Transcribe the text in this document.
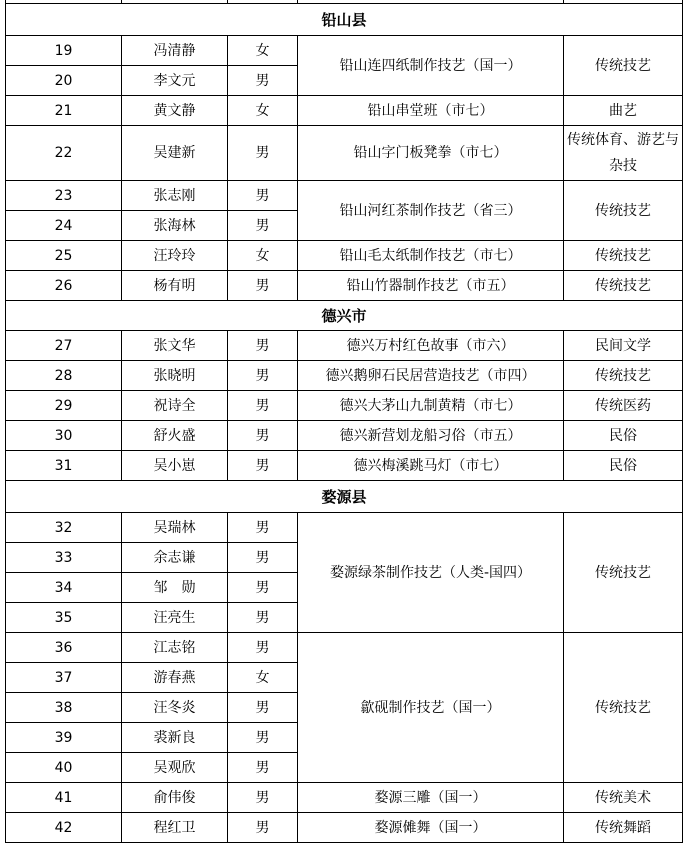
铅山县				
19	冯清静	女	铅山连四纸制作技艺（国一）	传统技艺
20	李文元	男		
21	黄文静	女	铅山串堂班（市七）	曲艺
22	吴建新	男	铅山字门板凳拳（市七）	传统体育、游艺与杂技
23	张志刚	男	铅山河红茶制作技艺（省三）	传统技艺
24	张海林	男		
25	汪玲玲	女	铅山毛太纸制作技艺（市七）	传统技艺
26	杨有明	男	铅山竹器制作技艺（市五）	传统技艺
德兴市				
27	张文华	男	德兴万村红色故事（市六）	民间文学
28	张晓明	男	德兴鹅卵石民居营造技艺（市四）	传统技艺
29	祝诗全	男	德兴大茅山九制黄精（市七）	传统医药
30	舒火盛	男	德兴新营划龙船习俗（市五）	民俗
31	吴小崽	男	德兴梅溪跳马灯（市七）	民俗
婺源县				
32	吴瑞林	男	婺源绿茶制作技艺（人类-国四）	传统技艺
33	余志谦	男		
34	邹　勋	男		
35	汪亮生	男		
36	江志铭	男	歙砚制作技艺（国一）	传统技艺
37	游春燕	女		
38	汪冬炎	男		
39	裘新良	男		
40	吴观欣	男		
41	俞伟俊	男	婺源三雕（国一）	传统美术
42	程红卫	男	婺源傩舞（国一）	传统舞蹈
